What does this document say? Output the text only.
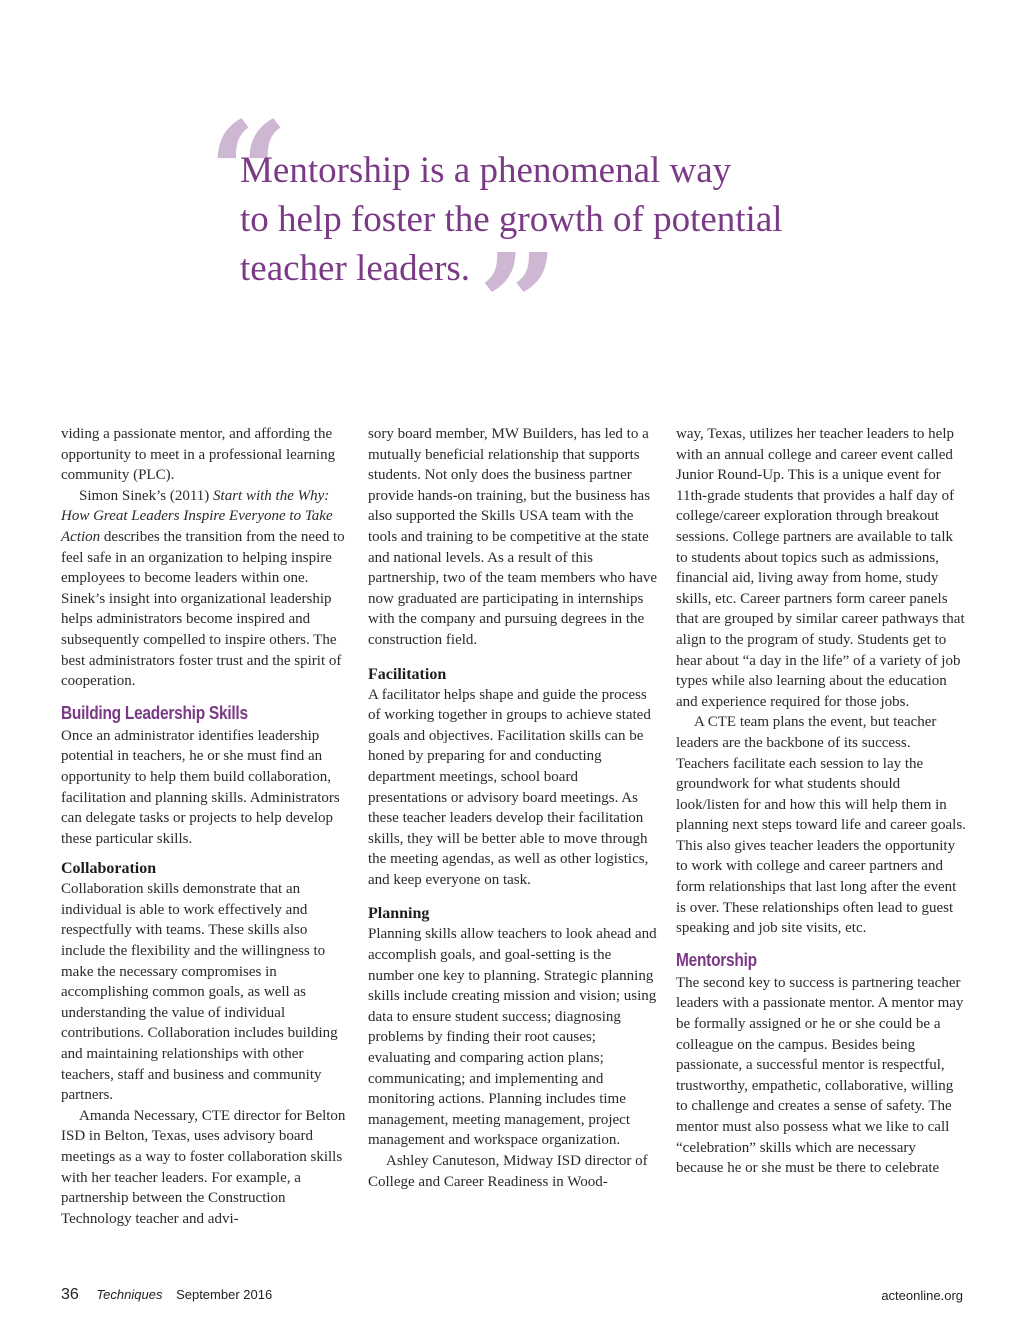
“

Mentorship is a phenomenal way

to help foster the growth of potential

teacher leaders. ”

viding a passionate mentor, and affording the opportunity to meet in a professional learning community (PLC).

Simon Sinek’s (2011) Start with the Why: How Great Leaders Inspire Everyone to Take Action describes the transition from the need to feel safe in an organization to helping inspire employees to become leaders within one. Sinek’s insight into organizational leadership helps administrators become inspired and subsequently compelled to inspire others. The best administrators foster trust and the spirit of cooperation.

Building Leadership Skills

Once an administrator identifies leadership potential in teachers, he or she must find an opportunity to help them build collaboration, facilitation and planning skills. Administrators can delegate tasks or projects to help develop these particular skills.

Collaboration

Collaboration skills demonstrate that an individual is able to work effectively and respectfully with teams. These skills also include the flexibility and the willingness to make the necessary compromises in accomplishing common goals, as well as understanding the value of individual contributions. Collaboration includes building and maintaining relationships with other teachers, staff and business and community partners.

Amanda Necessary, CTE director for Belton ISD in Belton, Texas, uses advisory board meetings as a way to foster collaboration skills with her teacher leaders. For example, a partnership between the Construction Technology teacher and advi-

sory board member, MW Builders, has led to a mutually beneficial relationship that supports students. Not only does the business partner provide hands-on training, but the business has also supported the Skills USA team with the tools and training to be competitive at the state and national levels. As a result of this partnership, two of the team members who have now graduated are participating in internships with the company and pursuing degrees in the construction field.

Facilitation

A facilitator helps shape and guide the process of working together in groups to achieve stated goals and objectives. Facilitation skills can be honed by preparing for and conducting department meetings, school board presentations or advisory board meetings. As these teacher leaders develop their facilitation skills, they will be better able to move through the meeting agendas, as well as other logistics, and keep everyone on task.

Planning

Planning skills allow teachers to look ahead and accomplish goals, and goal-setting is the number one key to planning. Strategic planning skills include creating mission and vision; using data to ensure student success; diagnosing problems by finding their root causes; evaluating and comparing action plans; communicating; and implementing and monitoring actions. Planning includes time management, meeting management, project management and workspace organization.

Ashley Canuteson, Midway ISD director of College and Career Readiness in Wood-

way, Texas, utilizes her teacher leaders to help with an annual college and career event called Junior Round-Up. This is a unique event for 11th-grade students that provides a half day of college/career exploration through breakout sessions. College partners are available to talk to students about topics such as admissions, financial aid, living away from home, study skills, etc. Career partners form career panels that are grouped by similar career pathways that align to the program of study. Students get to hear about “a day in the life” of a variety of job types while also learning about the education and experience required for those jobs.

A CTE team plans the event, but teacher leaders are the backbone of its success. Teachers facilitate each session to lay the groundwork for what students should look/listen for and how this will help them in planning next steps toward life and career goals. This also gives teacher leaders the opportunity to work with college and career partners and form relationships that last long after the event is over. These relationships often lead to guest speaking and job site visits, etc.

Mentorship

The second key to success is partnering teacher leaders with a passionate mentor. A mentor may be formally assigned or he or she could be a colleague on the campus. Besides being passionate, a successful mentor is respectful, trustworthy, empathetic, collaborative, willing to challenge and creates a sense of safety. The mentor must also possess what we like to call “celebration” skills which are necessary because he or she must be there to celebrate

36 Techniques September 2016	acteonline.org
